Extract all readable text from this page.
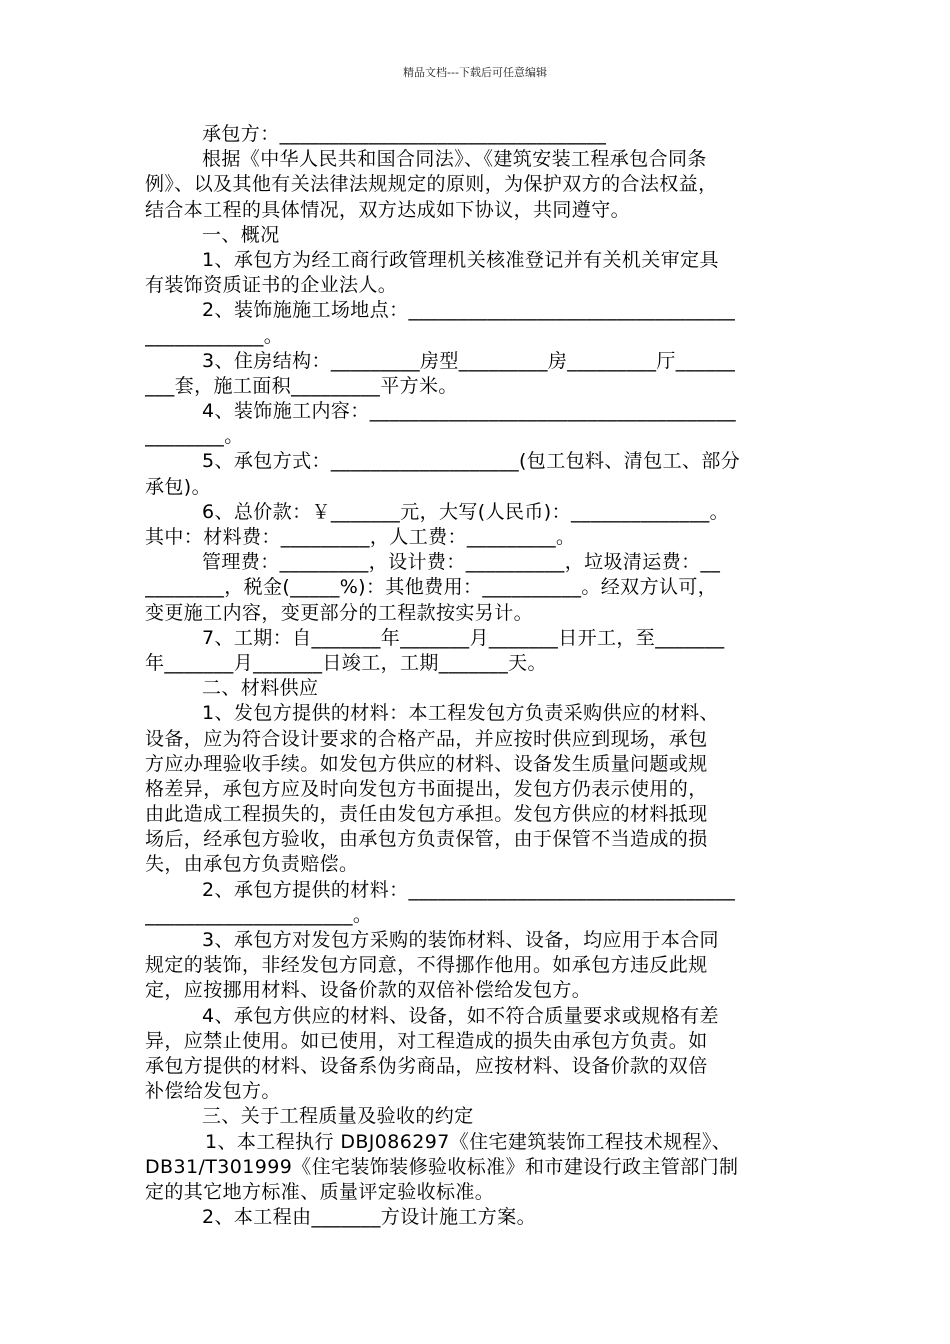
精品文档---下载后可任意编辑
承包方：_________________________________
根据《中华人民共和国合同法》、《建筑安装工程承包合同条
例》、以及其他有关法律法规规定的原则，为保护双方的合法权益，
结合本工程的具体情况，双方达成如下协议，共同遵守。
一、概况
1、承包方为经工商行政管理机关核准登记并有关机关审定具
有装饰资质证书的企业法人。
2、装饰施施工场地点：_________________________________
____________。
3、住房结构：_________房型_________房_________厅______
___套，施工面积_________平方米。
4、装饰施工内容：_____________________________________
________。
5、承包方式：___________________(包工包料、清包工、部分
承包)。
6、总价款：￥_______元，大写(人民币)：______________。
其中：材料费：_________，人工费：_________。
管理费：_________，设计费：__________，垃圾清运费：__
________，税金(_____%)：其他费用：__________。经双方认可，
变更施工内容，变更部分的工程款按实另计。
7、工期：自_______年_______月_______日开工，至_______
年_______月_______日竣工，工期_______天。
二、材料供应
1、发包方提供的材料：本工程发包方负责采购供应的材料、
设备，应为符合设计要求的合格产品，并应按时供应到现场，承包
方应办理验收手续。如发包方供应的材料、设备发生质量问题或规
格差异，承包方应及时向发包方书面提出，发包方仍表示使用的，
由此造成工程损失的，责任由发包方承担。发包方供应的材料抵现
场后，经承包方验收，由承包方负责保管，由于保管不当造成的损
失，由承包方负责赔偿。
2、承包方提供的材料：_________________________________
_____________________。
3、承包方对发包方采购的装饰材料、设备，均应用于本合同
规定的装饰，非经发包方同意，不得挪作他用。如承包方违反此规
定，应按挪用材料、设备价款的双倍补偿给发包方。
4、承包方供应的材料、设备，如不符合质量要求或规格有差
异，应禁止使用。如已使用，对工程造成的损失由承包方负责。如
承包方提供的材料、设备系伪劣商品，应按材料、设备价款的双倍
补偿给发包方。
三、关于工程质量及验收的约定
1、本工程执行 DBJ086297《住宅建筑装饰工程技术规程》、
DB31/T301999《住宅装饰装修验收标准》和市建设行政主管部门制
定的其它地方标准、质量评定验收标准。
2、本工程由_______方设计施工方案。
